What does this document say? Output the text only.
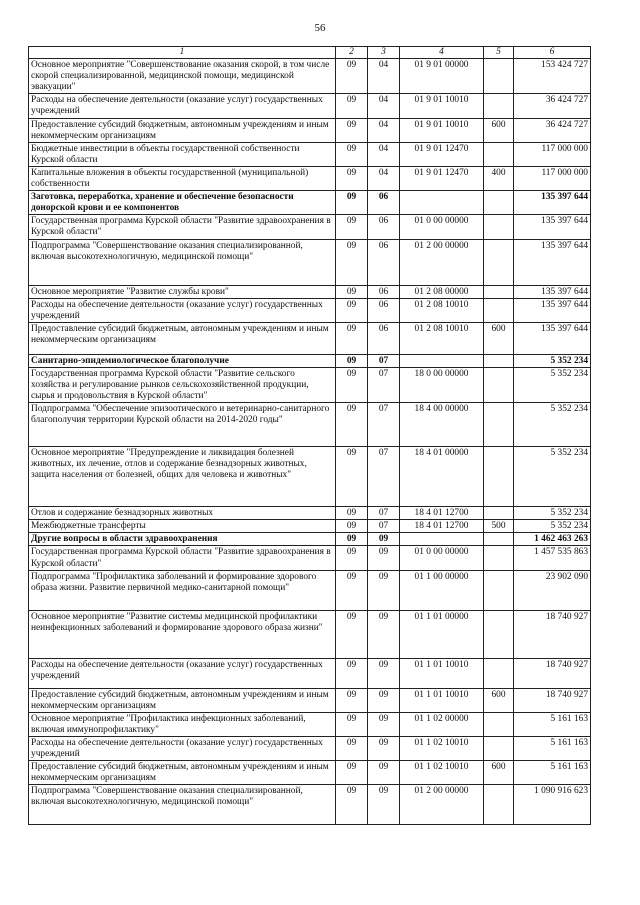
56
1	2	3	4	5	6
Основное мероприятие "Совершенствование оказания скорой, в том числе скорой специализированной, медицинской помощи, медицинской эвакуации"	09	04	01 9 01 00000		153 424 727
Расходы на обеспечение деятельности (оказание услуг) государственных учреждений	09	04	01 9 01 10010		36 424 727
Предоставление субсидий бюджетным, автономным учреждениям и иным некоммерческим организациям	09	04	01 9 01 10010	600	36 424 727
Бюджетные инвестиции в объекты государственной собственности Курской области	09	04	01 9 01 12470		117 000 000
Капитальные вложения в объекты государственной (муниципальной) собственности	09	04	01 9 01 12470	400	117 000 000
Заготовка, переработка, хранение и обеспечение безопасности донорской крови и ее компонентов	09	06			135 397 644
Государственная программа Курской области "Развитие здравоохранения в Курской области"	09	06	01 0 00 00000		135 397 644
Подпрограмма "Совершенствование оказания специализированной, включая высокотехнологичную, медицинской помощи"	09	06	01 2 00 00000		135 397 644
Основное мероприятие "Развитие службы крови"	09	06	01 2 08 00000		135 397 644
Расходы на обеспечение деятельности (оказание услуг) государственных учреждений	09	06	01 2 08 10010		135 397 644
Предоставление субсидий бюджетным, автономным учреждениям и иным некоммерческим организациям	09	06	01 2 08 10010	600	135 397 644
Санитарно-эпидемиологическое благополучие	09	07			5 352 234
Государственная программа Курской области "Развитие сельского хозяйства и регулирование рынков сельскохозяйственной продукции, сырья и продовольствия в Курской области"	09	07	18 0 00 00000		5 352 234
Подпрограмма "Обеспечение эпизоотического и ветеринарно-санитарного благополучия территории Курской области на 2014-2020 годы"	09	07	18 4 00 00000		5 352 234
Основное мероприятие "Предупреждение и ликвидация болезней животных, их лечение, отлов и содержание безнадзорных животных, защита населения от болезней, общих для человека и животных"	09	07	18 4 01 00000		5 352 234
Отлов и содержание безнадзорных животных	09	07	18 4 01 12700		5 352 234
Межбюджетные трансферты	09	07	18 4 01 12700	500	5 352 234
Другие вопросы в области здравоохранения	09	09			1 462 463 263
Государственная программа Курской области "Развитие здравоохранения в Курской области"	09	09	01 0 00 00000		1 457 535 863
Подпрограмма "Профилактика заболеваний и формирование здорового образа жизни. Развитие первичной медико-санитарной помощи"	09	09	01 1 00 00000		23 902 090
Основное мероприятие "Развитие системы медицинской профилактики неинфекционных заболеваний и формирование здорового образа жизни"	09	09	01 1 01 00000		18 740 927
Расходы на обеспечение деятельности (оказание услуг) государственных учреждений	09	09	01 1 01 10010		18 740 927
Предоставление субсидий бюджетным, автономным учреждениям и иным некоммерческим организациям	09	09	01 1 01 10010	600	18 740 927
Основное мероприятие "Профилактика инфекционных заболеваний, включая иммунопрофилактику"	09	09	01 1 02 00000		5 161 163
Расходы на обеспечение деятельности (оказание услуг) государственных учреждений	09	09	01 1 02 10010		5 161 163
Предоставление субсидий бюджетным, автономным учреждениям и иным некоммерческим организациям	09	09	01 1 02 10010	600	5 161 163
Подпрограмма "Совершенствование оказания специализированной, включая высокотехнологичную, медицинской помощи"	09	09	01 2 00 00000		1 090 916 623
